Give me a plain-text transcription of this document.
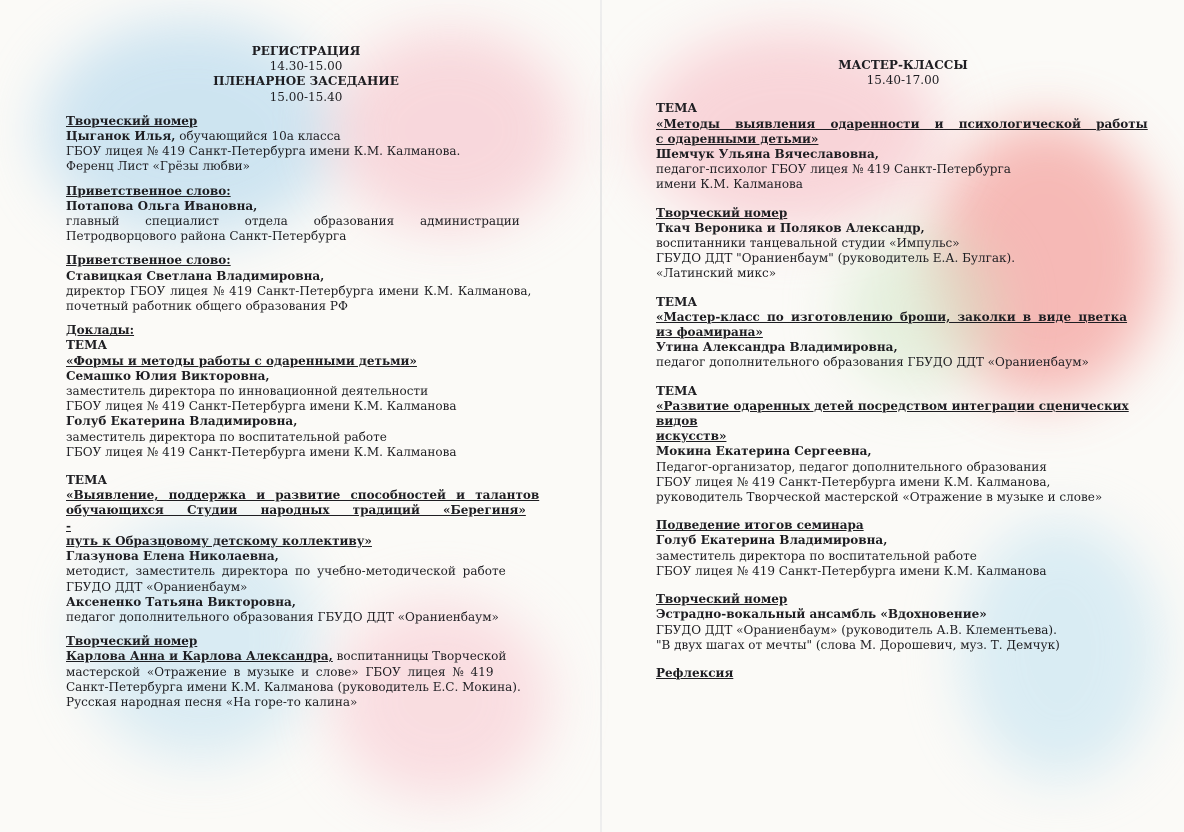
РЕГИСТРАЦИЯ

14.30-15.00

ПЛЕНАРНОЕ ЗАСЕДАНИЕ

15.00-15.40

Творческий номер

Цыганок Илья, обучающийся 10а класса

ГБОУ лицея № 419 Санкт-Петербурга имени К.М. Калманова.

Ференц Лист «Грёзы любви»

Приветственное слово:

Потапова Ольга Ивановна,

главный специалист отдела образования администрации

Петродворцового района Санкт-Петербурга

Приветственное слово:

Ставицкая Светлана Владимировна,

директор ГБОУ лицея № 419 Санкт-Петербурга имени К.М. Калманова,

почетный работник общего образования РФ

Доклады:

ТЕМА

«Формы и методы работы с одаренными детьми»

Семашко Юлия Викторовна,

заместитель директора по инновационной деятельности

ГБОУ лицея № 419 Санкт-Петербурга имени К.М. Калманова

Голуб Екатерина Владимировна,

заместитель директора по воспитательной работе

ГБОУ лицея № 419 Санкт-Петербурга имени К.М. Калманова

ТЕМА

«Выявление, поддержка и развитие способностей и талантов

обучающихся Студии народных традиций «Берегиня» -

путь к Образцовому детскому коллективу»

Глазунова Елена Николаевна,

методист, заместитель директора по учебно-методической работе

ГБУДО ДДТ «Ораниенбаум»

Аксененко Татьяна Викторовна,

педагог дополнительного образования ГБУДО ДДТ «Ораниенбаум»

Творческий номер

Карлова Анна и Карлова Александра, воспитанницы Творческой

мастерской «Отражение в музыке и слове» ГБОУ лицея № 419

Санкт-Петербурга имени К.М. Калманова (руководитель Е.С. Мокина).

Русская народная песня «На горе-то калина»

МАСТЕР-КЛАССЫ

15.40-17.00

ТЕМА

«Методы выявления одаренности и психологической работы

с одаренными детьми»

Шемчук Ульяна Вячеславовна,

педагог-психолог ГБОУ лицея № 419 Санкт-Петербурга

имени К.М. Калманова

Творческий номер

Ткач Вероника и Поляков Александр,

воспитанники танцевальной студии «Импульс»

ГБУДО ДДТ "Ораниенбаум" (руководитель Е.А. Булгак).

«Латинский микс»

ТЕМА

«Мастер-класс по изготовлению броши, заколки в виде цветка

из фоамирана»

Утина Александра Владимировна,

педагог дополнительного образования ГБУДО ДДТ «Ораниенбаум»

ТЕМА

«Развитие одаренных детей посредством интеграции сценических видов

искусств»

Мокина Екатерина Сергеевна,

Педагог-организатор, педагог дополнительного образования

ГБОУ лицея № 419 Санкт-Петербурга имени К.М. Калманова,

руководитель Творческой мастерской «Отражение в музыке и слове»

Подведение итогов семинара

Голуб Екатерина Владимировна,

заместитель директора по воспитательной работе

ГБОУ лицея № 419 Санкт-Петербурга имени К.М. Калманова

Творческий номер

Эстрадно-вокальный ансамбль «Вдохновение»

ГБУДО ДДТ «Ораниенбаум» (руководитель А.В. Клементьева).

"В двух шагах от мечты" (слова М. Дорошевич, муз. Т. Демчук)

Рефлексия
